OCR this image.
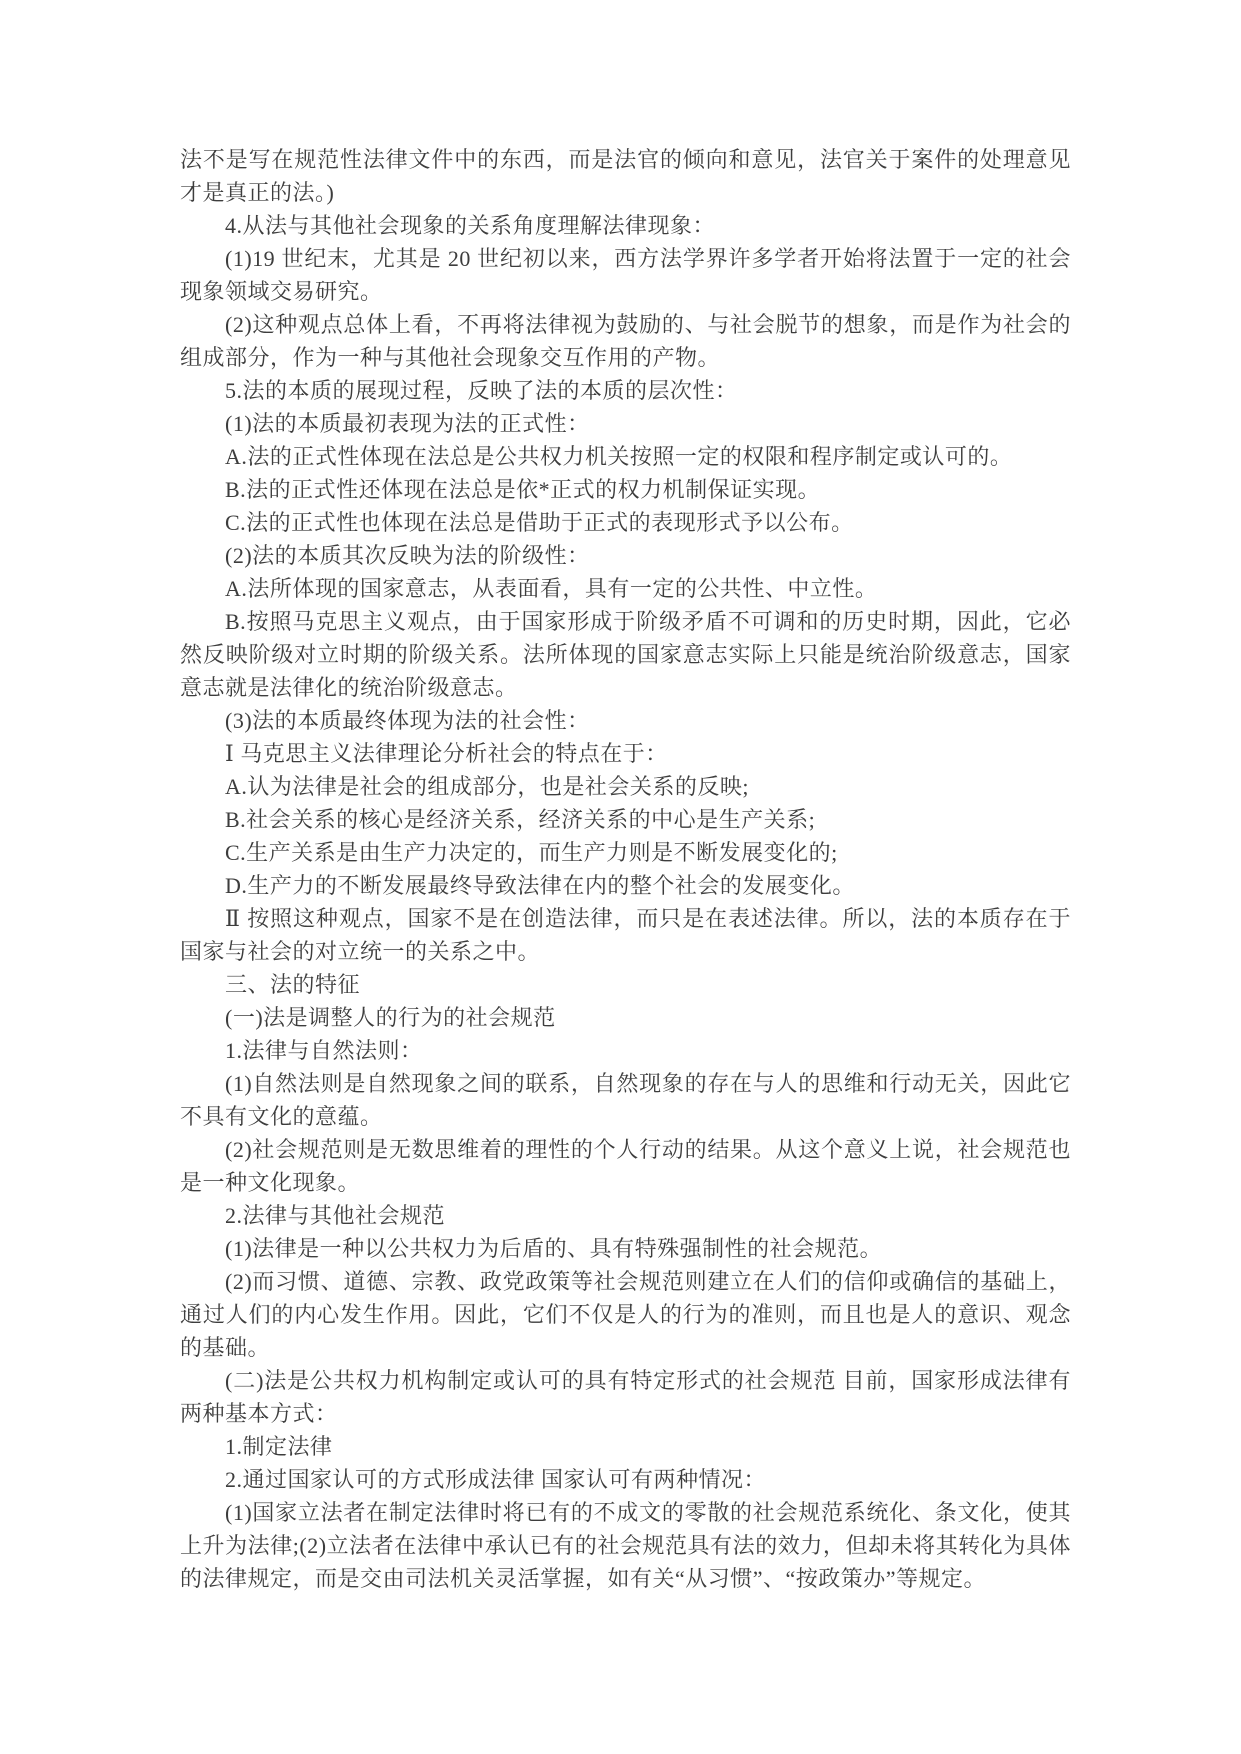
法不是写在规范性法律文件中的东西，而是法官的倾向和意见，法官关于案件的处理意见才是真正的法。)

4.从法与其他社会现象的关系角度理解法律现象：

(1)19 世纪末，尤其是 20 世纪初以来，西方法学界许多学者开始将法置于一定的社会现象领域交易研究。

(2)这种观点总体上看，不再将法律视为鼓励的、与社会脱节的想象，而是作为社会的组成部分，作为一种与其他社会现象交互作用的产物。

5.法的本质的展现过程，反映了法的本质的层次性：

(1)法的本质最初表现为法的正式性：

A.法的正式性体现在法总是公共权力机关按照一定的权限和程序制定或认可的。

B.法的正式性还体现在法总是依*正式的权力机制保证实现。

C.法的正式性也体现在法总是借助于正式的表现形式予以公布。

(2)法的本质其次反映为法的阶级性：

A.法所体现的国家意志，从表面看，具有一定的公共性、中立性。

B.按照马克思主义观点，由于国家形成于阶级矛盾不可调和的历史时期，因此，它必然反映阶级对立时期的阶级关系。法所体现的国家意志实际上只能是统治阶级意志，国家意志就是法律化的统治阶级意志。

(3)法的本质最终体现为法的社会性：

Ⅰ 马克思主义法律理论分析社会的特点在于：

A.认为法律是社会的组成部分，也是社会关系的反映;

B.社会关系的核心是经济关系，经济关系的中心是生产关系;

C.生产关系是由生产力决定的，而生产力则是不断发展变化的;

D.生产力的不断发展最终导致法律在内的整个社会的发展变化。

Ⅱ 按照这种观点，国家不是在创造法律，而只是在表述法律。所以，法的本质存在于国家与社会的对立统一的关系之中。

三、法的特征

(一)法是调整人的行为的社会规范

1.法律与自然法则：

(1)自然法则是自然现象之间的联系，自然现象的存在与人的思维和行动无关，因此它不具有文化的意蕴。

(2)社会规范则是无数思维着的理性的个人行动的结果。从这个意义上说，社会规范也是一种文化现象。

2.法律与其他社会规范

(1)法律是一种以公共权力为后盾的、具有特殊强制性的社会规范。

(2)而习惯、道德、宗教、政党政策等社会规范则建立在人们的信仰或确信的基础上，通过人们的内心发生作用。因此，它们不仅是人的行为的准则，而且也是人的意识、观念的基础。

(二)法是公共权力机构制定或认可的具有特定形式的社会规范 目前，国家形成法律有两种基本方式：

1.制定法律

2.通过国家认可的方式形成法律 国家认可有两种情况：

(1)国家立法者在制定法律时将已有的不成文的零散的社会规范系统化、条文化，使其上升为法律;(2)立法者在法律中承认已有的社会规范具有法的效力，但却未将其转化为具体的法律规定，而是交由司法机关灵活掌握，如有关“从习惯”、“按政策办”等规定。
